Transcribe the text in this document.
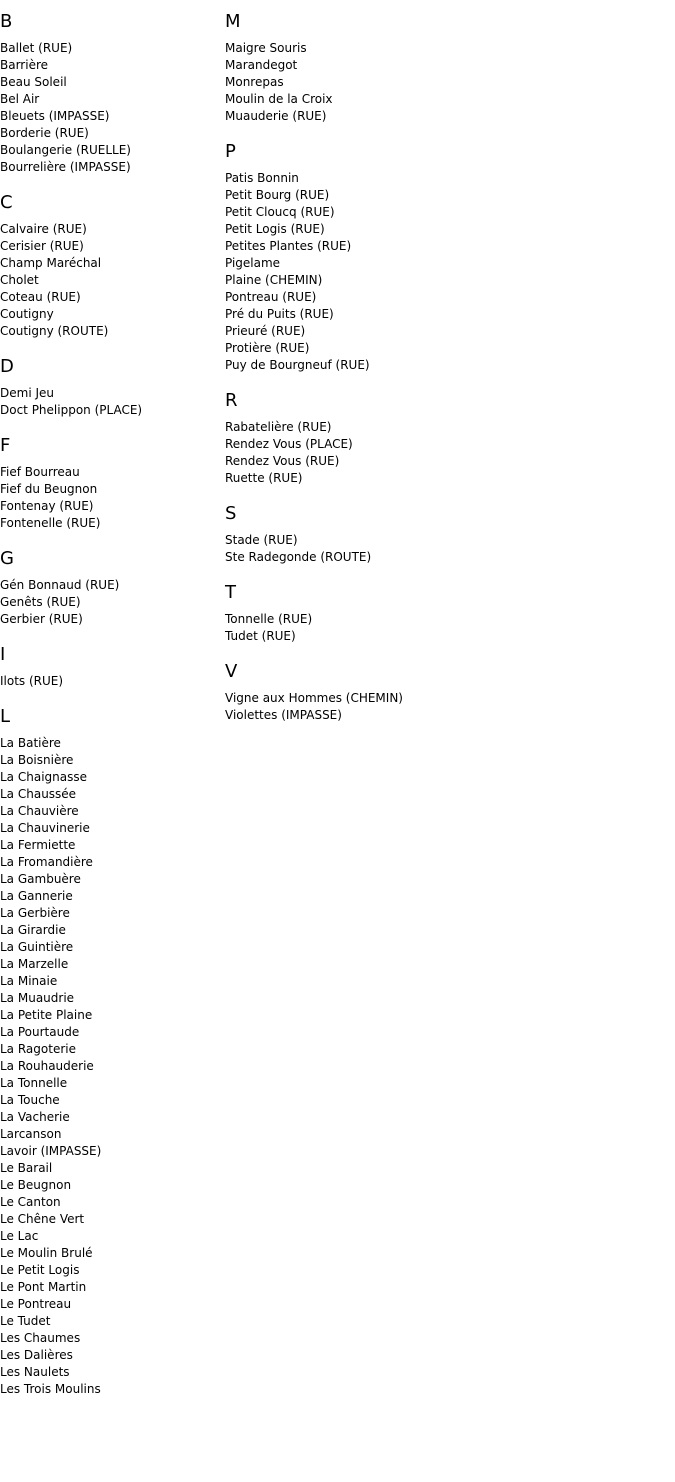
B
Ballet (RUE)
Barrière
Beau Soleil
Bel Air
Bleuets (IMPASSE)
Borderie (RUE)
Boulangerie (RUELLE)
Bourrelière (IMPASSE)
C
Calvaire (RUE)
Cerisier (RUE)
Champ Maréchal
Cholet
Coteau (RUE)
Coutigny
Coutigny (ROUTE)
D
Demi Jeu
Doct Phelippon (PLACE)
F
Fief Bourreau
Fief du Beugnon
Fontenay (RUE)
Fontenelle (RUE)
G
Gén Bonnaud (RUE)
Genêts (RUE)
Gerbier (RUE)
I
Ilots (RUE)
L
La Batière
La Boisnière
La Chaignasse
La Chaussée
La Chauvière
La Chauvinerie
La Fermiette
La Fromandière
La Gambuère
La Gannerie
La Gerbière
La Girardie
La Guintière
La Marzelle
La Minaie
La Muaudrie
La Petite Plaine
La Pourtaude
La Ragoterie
La Rouhauderie
La Tonnelle
La Touche
La Vacherie
Larcanson
Lavoir (IMPASSE)
Le Barail
Le Beugnon
Le Canton
Le Chêne Vert
Le Lac
Le Moulin Brulé
Le Petit Logis
Le Pont Martin
Le Pontreau
Le Tudet
Les Chaumes
Les Dalières
Les Naulets
Les Trois Moulins
M
Maigre Souris
Marandegot
Monrepas
Moulin de la Croix
Muauderie (RUE)
P
Patis Bonnin
Petit Bourg (RUE)
Petit Cloucq (RUE)
Petit Logis (RUE)
Petites Plantes (RUE)
Pigelame
Plaine (CHEMIN)
Pontreau (RUE)
Pré du Puits (RUE)
Prieuré (RUE)
Protière (RUE)
Puy de Bourgneuf (RUE)
R
Rabatelière (RUE)
Rendez Vous (PLACE)
Rendez Vous (RUE)
Ruette (RUE)
S
Stade (RUE)
Ste Radegonde (ROUTE)
T
Tonnelle (RUE)
Tudet (RUE)
V
Vigne aux Hommes (CHEMIN)
Violettes (IMPASSE)
